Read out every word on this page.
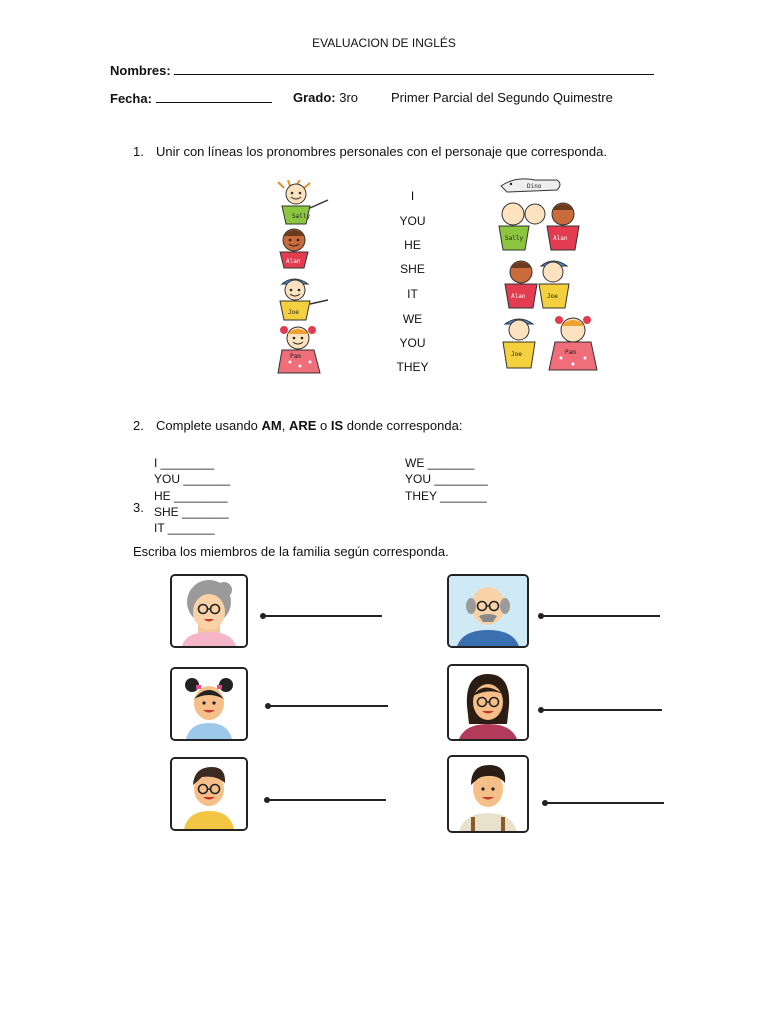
EVALUACION DE INGLÉS
Nombres:
Fecha:	Grado: 3ro	Primer Parcial del Segundo Quimestre
1. Unir con líneas los pronombres personales con el personaje que corresponda.
Sally
Alan
Joe
Pam
I
YOU
HE
SHE
IT
WE
YOU
THEY
Dino
Sally	Alan
Alan	Joe
Joe	Pam
2. Complete usando AM, ARE o IS donde corresponda:
I ________
YOU _______
HE ________
SHE _______
IT _______
WE _______
YOU ________
THEY _______
3.
Escriba los miembros de la familia según corresponda.
